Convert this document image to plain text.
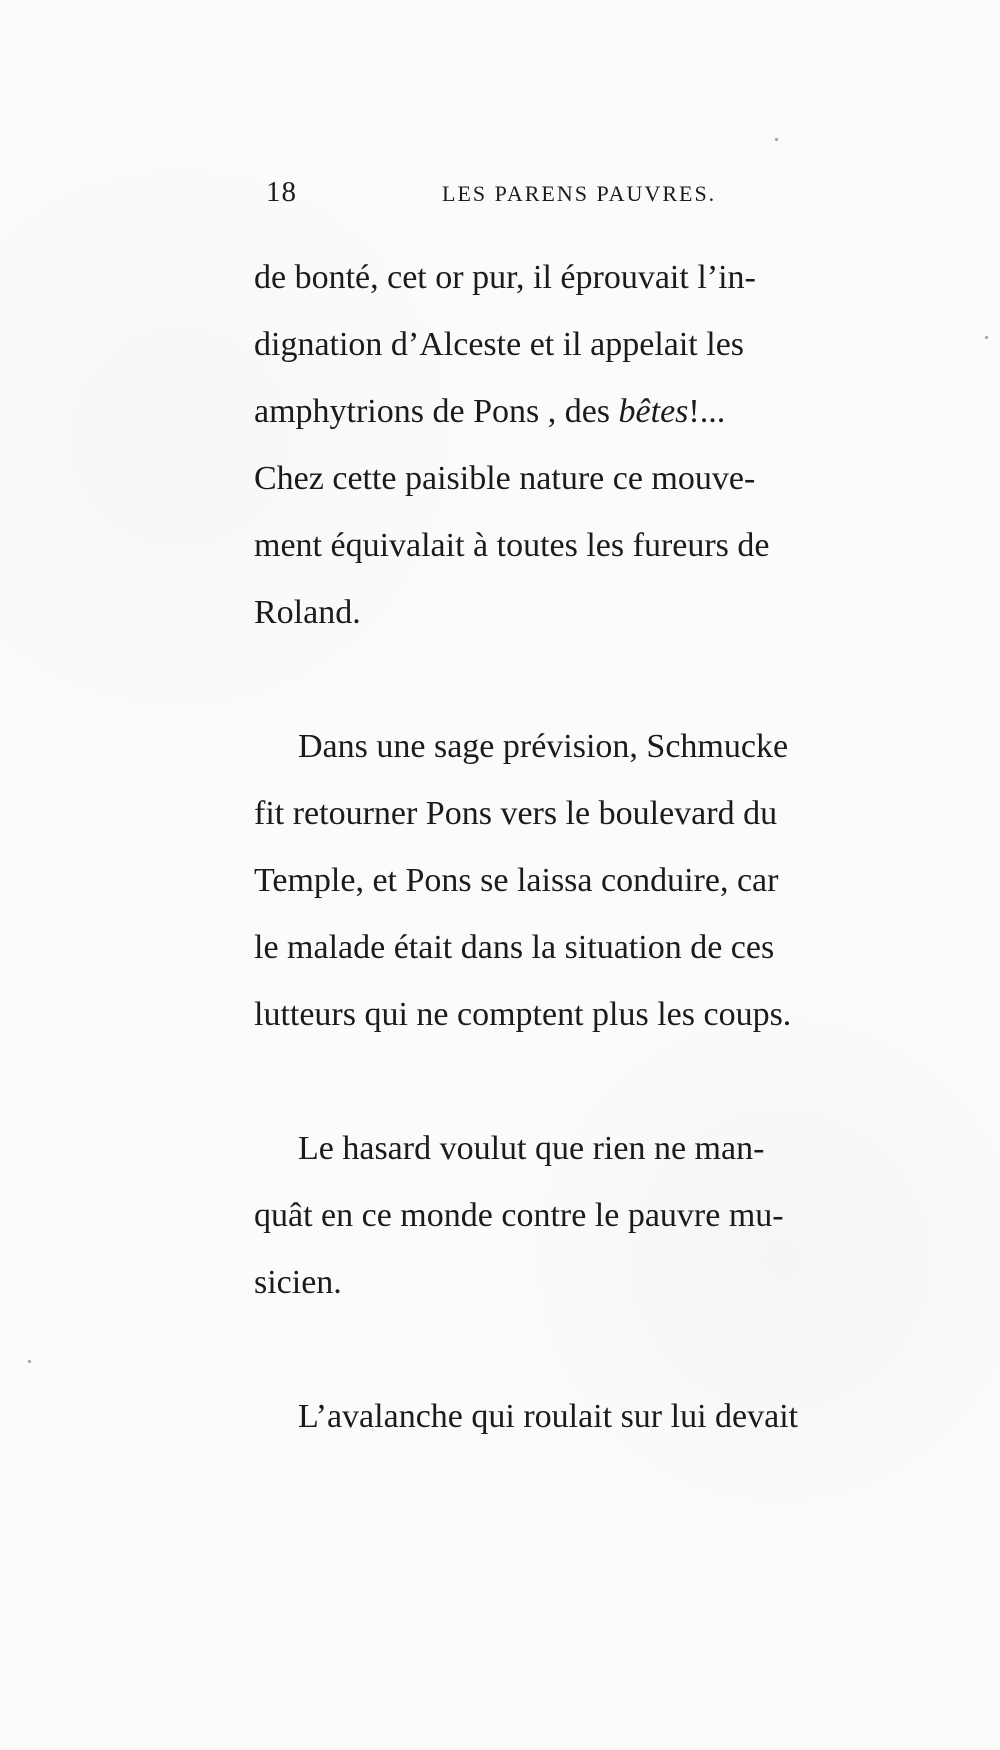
18	LES PARENS PAUVRES.

de bonté, cet or pur, il éprouvait l’in-
dignation d’Alceste et il appelait les
amphytrions de Pons , des bêtes!...
Chez cette paisible nature ce mouve-
ment équivalait à toutes les fureurs de
Roland.

Dans une sage prévision, Schmucke
fit retourner Pons vers le boulevard du
Temple, et Pons se laissa conduire, car
le malade était dans la situation de ces
lutteurs qui ne comptent plus les coups.

Le hasard voulut que rien ne man-
quât en ce monde contre le pauvre mu-
sicien.

L’avalanche qui roulait sur lui devait
